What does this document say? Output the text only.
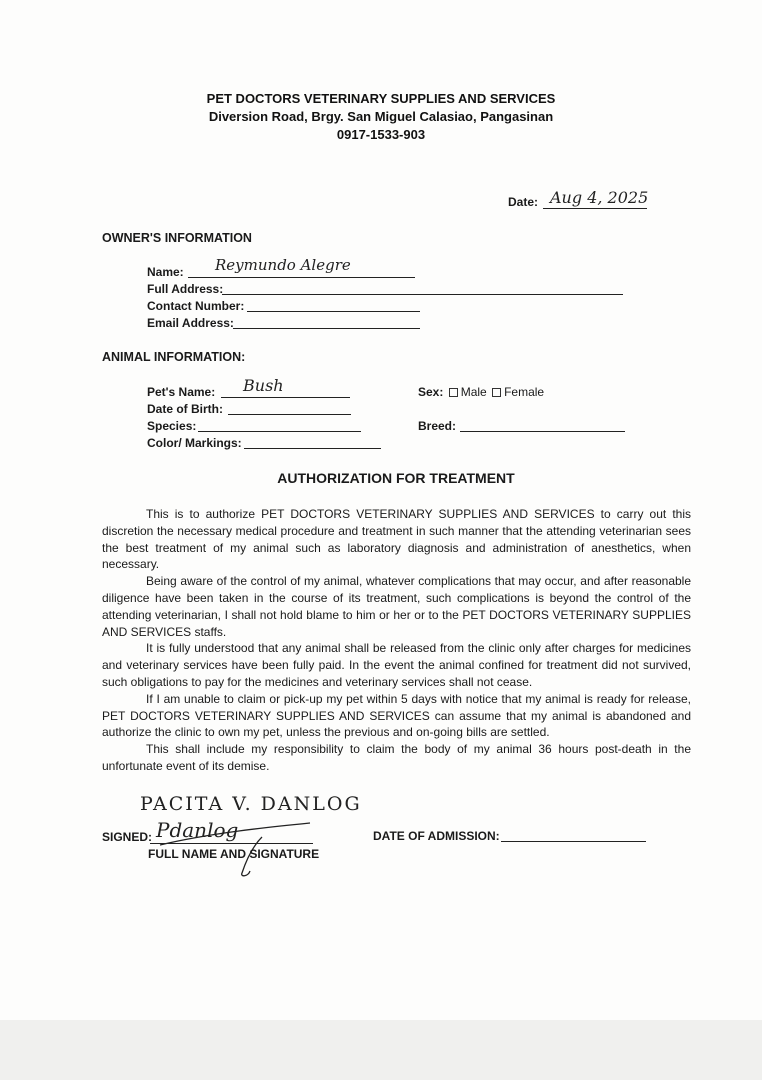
PET DOCTORS VETERINARY SUPPLIES AND SERVICES
Diversion Road, Brgy. San Miguel Calasiao, Pangasinan
0917-1533-903
Date: Aug 4, 2025
OWNER'S INFORMATION
Name: Reymundo Alegre
Full Address:
Contact Number:
Email Address:
ANIMAL INFORMATION:
Pet's Name: Bush
Date of Birth:
Species:
Color/ Markings:
Sex: Male Female
Breed:
AUTHORIZATION FOR TREATMENT

This is to authorize PET DOCTORS VETERINARY SUPPLIES AND SERVICES to carry out this discretion the necessary medical procedure and treatment in such manner that the attending veterinarian sees the best treatment of my animal such as laboratory diagnosis and administration of anesthetics, when necessary.

Being aware of the control of my animal, whatever complications that may occur, and after reasonable diligence have been taken in the course of its treatment, such complications is beyond the control of the attending veterinarian, I shall not hold blame to him or her or to the PET DOCTORS VETERINARY SUPPLIES AND SERVICES staffs.

It is fully understood that any animal shall be released from the clinic only after charges for medicines and veterinary services have been fully paid. In the event the animal confined for treatment did not survived, such obligations to pay for the medicines and veterinary services shall not cease.

If I am unable to claim or pick-up my pet within 5 days with notice that my animal is ready for release, PET DOCTORS VETERINARY SUPPLIES AND SERVICES can assume that my animal is abandoned and authorize the clinic to own my pet, unless the previous and on-going bills are settled.

This shall include my responsibility to claim the body of my animal 36 hours post-death in the unfortunate event of its demise.

PACITA V. DANLOG
SIGNED: Pdanlog
FULL NAME AND SIGNATURE
DATE OF ADMISSION:
